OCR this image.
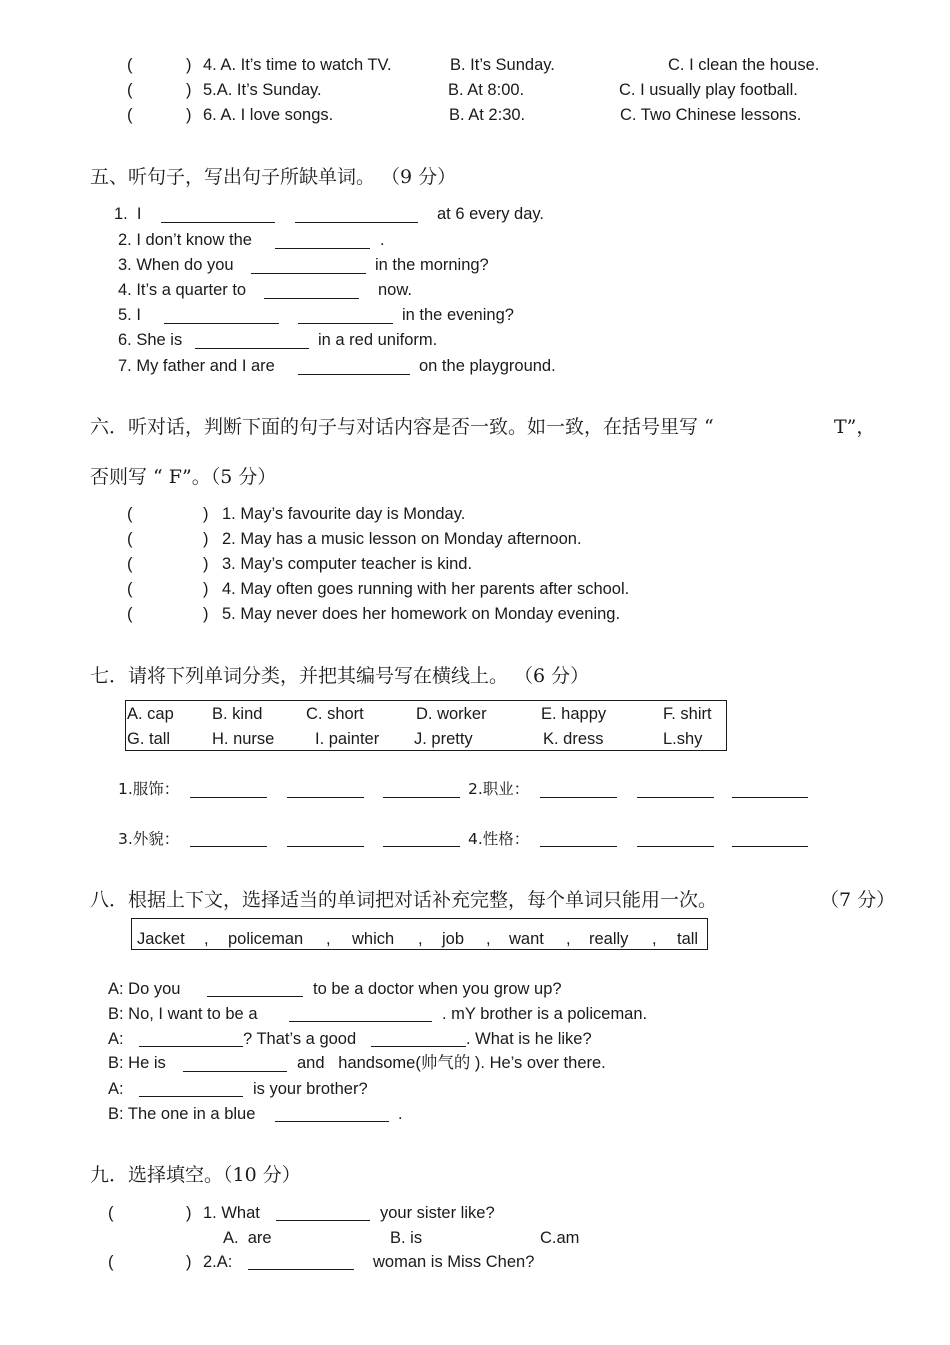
(	) 4. A. It’s time to watch TV.	B. It’s Sunday.	C. I clean the house.
(	) 5.A. It’s Sunday.	B. At 8:00.	C. I usually play football.
(	) 6. A. I love songs.	B. At 2:30.	C. Two Chinese lessons.
五、听句子，写出句子所缺单词。 （9 分）
1.  I	at 6 every day.
2. I don’t know the	.
3. When do you	in the morning?
4. It’s a quarter to	now.
5. I	in the evening?
6. She is	in a red uniform.
7. My father and I are	on the playground.
六．听对话，判断下面的句子与对话内容是否一致。如一致，在括号里写 “	T”，
否则写 “ F”。（5 分）
(	) 1. May’s favourite day is Monday.
(	) 2. May has a music lesson on Monday afternoon.
(	) 3. May’s computer teacher is kind.
(	) 4. May often goes running with her parents after school.
(	) 5. May never does her homework on Monday evening.
七．请将下列单词分类，并把其编号写在横线上。 （6 分）
A. cap B. kind	C. short	D. worker	E. happy	F. shirt
G. tall	H. nurse I. painter J. pretty	K. dress	L.shy
1.服饰：	2.职业：
3.外貌：	4.性格：
八．根据上下文，选择适当的单词把对话补充完整，每个单词只能用一次。	（7 分）
Jacket , policeman , which , job , want , really , tall
A: Do you	to be a doctor when you grow up?
B: No, I want to be a	. mY brother is a policeman.
A:	? That’s a good	. What is he like?
B: He is	and   handsome(帅气的 ). He’s over there.
A:	is your brother?
B: The one in a blue	.
九．选择填空。（10 分）
(	) 1. What	your sister like?
A.  are	B. is	C.am
(	) 2.A:	woman is Miss Chen?
